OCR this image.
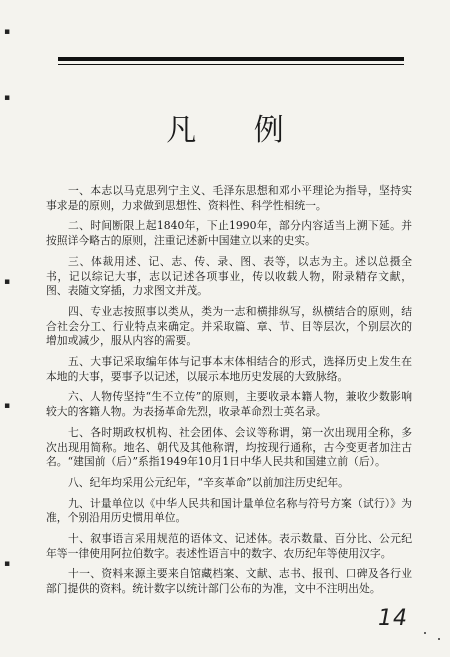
▪
▪
▪
▪
▪
凡 例

一、本志以马克思列宁主义、毛泽东思想和邓小平理论为指导，坚持实事求是的原则，力求做到思想性、资料性、科学性相统一。

二、时间断限上起1840年，下止1990年，部分内容适当上溯下延。并按照详今略古的原则，注重记述新中国建立以来的史实。

三、体裁用述、记、志、传、录、图、表等，以志为主。述以总摄全书，记以综记大事，志以记述各项事业，传以收载人物，附录精存文献，图、表随文穿插，力求图文并茂。

四、专业志按照事以类从，类为一志和横排纵写，纵横结合的原则，结合社会分工、行业特点来确定。并采取篇、章、节、目等层次，个别层次的增加或减少，服从内容的需要。

五、大事记采取编年体与记事本末体相结合的形式，选择历史上发生在本地的大事，要事予以记述，以展示本地历史发展的大致脉络。

六、人物传坚持“生不立传”的原则，主要收录本籍人物，兼收少数影响较大的客籍人物。为表扬革命先烈，收录革命烈士英名录。

七、各时期政权机构、社会团体、会议等称谓，第一次出现用全称，多次出现用简称。地名、朝代及其他称谓，均按现行通称，古今变更者加注古名。“建国前（后）”系指1949年10月1日中华人民共和国建立前（后）。

八、纪年均采用公元纪年，“辛亥革命”以前加注历史纪年。

九、计量单位以《中华人民共和国计量单位名称与符号方案（试行）》为准，个别沿用历史惯用单位。

十、叙事语言采用规范的语体文、记述体。表示数量、百分比、公元纪年等一律使用阿拉伯数字。表述性语言中的数字、农历纪年等使用汉字。

十一、资料来源主要来自馆藏档案、文献、志书、报刊、口碑及各行业部门提供的资料。统计数字以统计部门公布的为准，文中不注明出处。

14
